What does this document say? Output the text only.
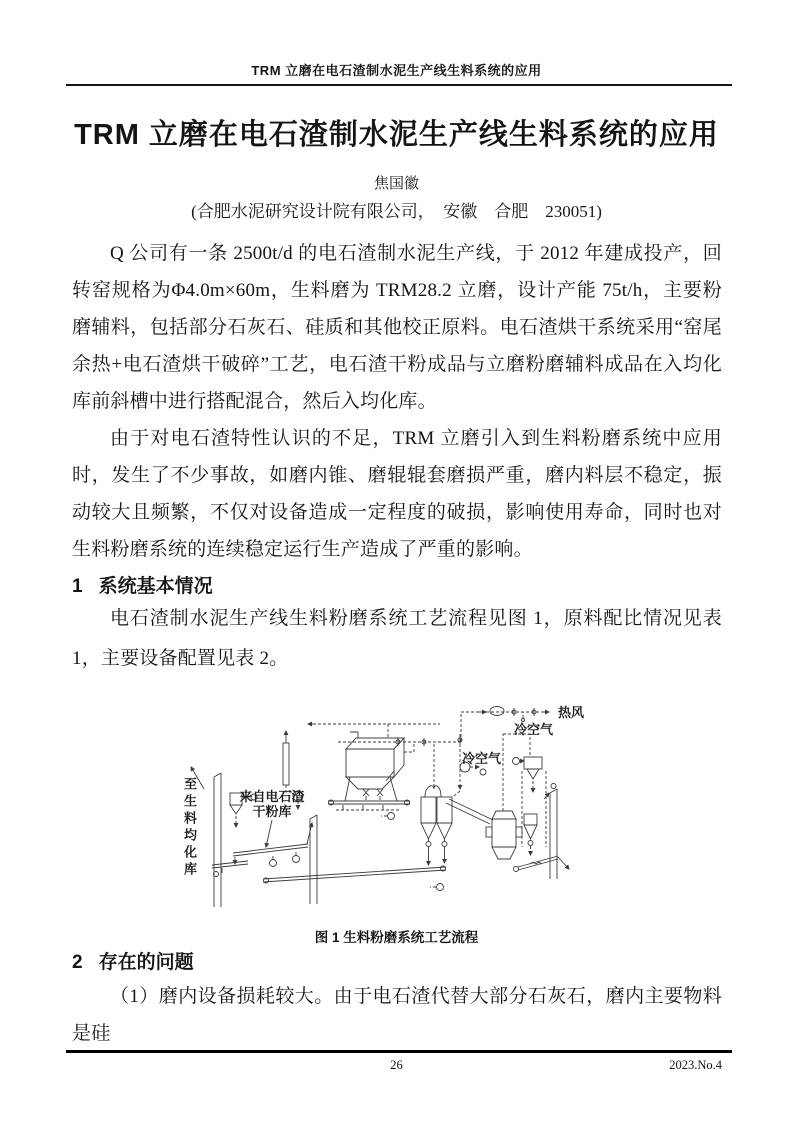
TRM 立磨在电石渣制水泥生产线生料系统的应用
TRM 立磨在电石渣制水泥生产线生料系统的应用
焦国徽
(合肥水泥研究设计院有限公司，　安徽　合肥　230051)
Q 公司有一条 2500t/d 的电石渣制水泥生产线，于 2012 年建成投产，回转窑规格为Φ4.0m×60m，生料磨为 TRM28.2 立磨，设计产能 75t/h，主要粉磨辅料，包括部分石灰石、硅质和其他校正原料。电石渣烘干系统采用“窑尾余热+电石渣烘干破碎”工艺，电石渣干粉成品与立磨粉磨辅料成品在入均化库前斜槽中进行搭配混合，然后入均化库。
由于对电石渣特性认识的不足，TRM 立磨引入到生料粉磨系统中应用时，发生了不少事故，如磨内锥、磨辊辊套磨损严重，磨内料层不稳定，振动较大且频繁，不仅对设备造成一定程度的破损，影响使用寿命，同时也对生料粉磨系统的连续稳定运行生产造成了严重的影响。
1 系统基本情况
电石渣制水泥生产线生料粉磨系统工艺流程见图 1，原料配比情况见表 1，主要设备配置见表 2。
热风
冷空气
冷空气
来自电石渣
干粉库
至生料均化库
图 1 生料粉磨系统工艺流程
2 存在的问题
（1）磨内设备损耗较大。由于电石渣代替大部分石灰石，磨内主要物料是硅
26	2023.No.4
